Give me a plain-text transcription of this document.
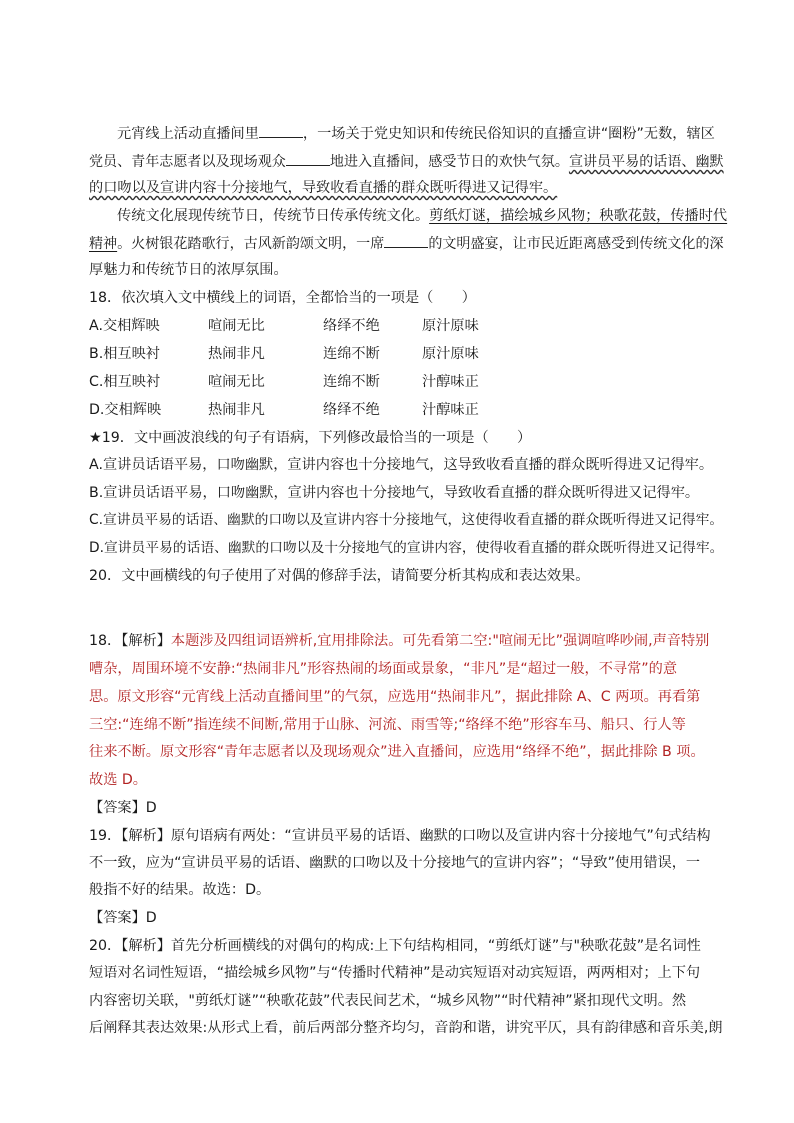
元宵线上活动直播间里	，一场关于党史知识和传统民俗知识的直播宣讲“圈粉”无数，辖区
党员、青年志愿者以及现场观众	地进入直播间，感受节日的欢快气氛。宣讲员平易的话语、幽默
的口吻以及宣讲内容十分接地气，导致收看直播的群众既听得进又记得牢。
传统文化展现传统节日，传统节日传承传统文化。剪纸灯谜，描绘城乡风物；秧歌花鼓，传播时代
精神。火树银花踏歌行，古风新韵颂文明，一席	的文明盛宴，让市民近距离感受到传统文化的深
厚魅力和传统节日的浓厚氛围。
18．依次填入文中横线上的词语，全都恰当的一项是（　　）
A.交相辉映	喧闹无比	络绎不绝	原汁原味
B.相互映衬	热闹非凡	连绵不断	原汁原味
C.相互映衬	喧闹无比	连绵不断	汁醇味正
D.交相辉映	热闹非凡	络绎不绝	汁醇味正
★19．文中画波浪线的句子有语病，下列修改最恰当的一项是（　　）
A.宣讲员话语平易，口吻幽默，宣讲内容也十分接地气，这导致收看直播的群众既听得进又记得牢。
B.宣讲员话语平易，口吻幽默，宣讲内容也十分接地气，导致收看直播的群众既听得进又记得牢。
C.宣讲员平易的话语、幽默的口吻以及宣讲内容十分接地气，这使得收看直播的群众既听得进又记得牢。
D.宣讲员平易的话语、幽默的口吻以及十分接地气的宣讲内容，使得收看直播的群众既听得进又记得牢。
20．文中画横线的句子使用了对偶的修辞手法，请简要分析其构成和表达效果。
18．【解析】本题涉及四组词语辨析,宜用排除法。可先看第二空:"喧闹无比”强调喧哗吵闹,声音特别
嘈杂，周围环境不安静:“热闹非凡”形容热闹的场面或景象，“非凡”是“超过一般，不寻常”的意
思。原文形容“元宵线上活动直播间里”的气氛，应选用“热闹非凡”，据此排除 A、C 两项。再看第
三空:“连绵不断”指连续不间断,常用于山脉、河流、雨雪等;“络绎不绝”形容车马、船只、行人等
往来不断。原文形容“青年志愿者以及现场观众”进入直播间，应选用“络绎不绝”，据此排除 B 项。
故选 D。
【答案】D
19．【解析】原句语病有两处：“宣讲员平易的话语、幽默的口吻以及宣讲内容十分接地气”句式结构
不一致，应为“宣讲员平易的话语、幽默的口吻以及十分接地气的宣讲内容”；“导致”使用错误，一
般指不好的结果。故选：D。
【答案】D
20．【解析】首先分析画横线的对偶句的构成:上下句结构相同，“剪纸灯谜”与"秧歌花鼓”是名词性
短语对名词性短语，“描绘城乡风物”与“传播时代精神”是动宾短语对动宾短语，两两相对；上下句
内容密切关联，"剪纸灯谜”“秧歌花鼓”代表民间艺术，“城乡风物”“时代精神”紧扣现代文明。然
后阐释其表达效果:从形式上看，前后两部分整齐均匀，音韵和谐，讲究平仄，具有韵律感和音乐美,朗
